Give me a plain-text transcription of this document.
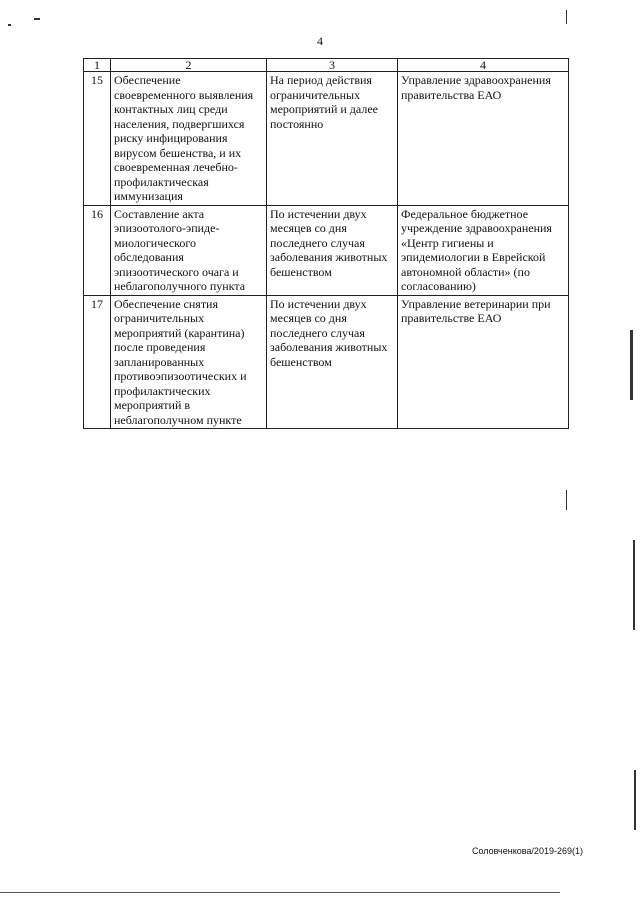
4
1	2	3	4
15	Обеспечение своевременного выявления контактных лиц среди населения, подвергшихся риску инфицирования вирусом бешенства, и их своевременная лечебно-профилактическая иммунизация	На период действия ограничительных мероприятий и далее постоянно	Управление здравоохранения правительства ЕАО
16	Составление акта эпизоотолого-эпиде-миологического обследования эпизоотического очага и неблагополучного пункта	По истечении двух месяцев со дня последнего случая заболевания животных бешенством	Федеральное бюджетное учреждение здравоохранения «Центр гигиены и эпидемиологии в Еврейской автономной области» (по согласованию)
17	Обеспечение снятия ограничительных мероприятий (карантина) после проведения запланированных противоэпизоотических и профилактических мероприятий в неблагополучном пункте	По истечении двух месяцев со дня последнего случая заболевания животных бешенством	Управление ветеринарии при правительстве ЕАО
Соловченкова/2019-269(1)
